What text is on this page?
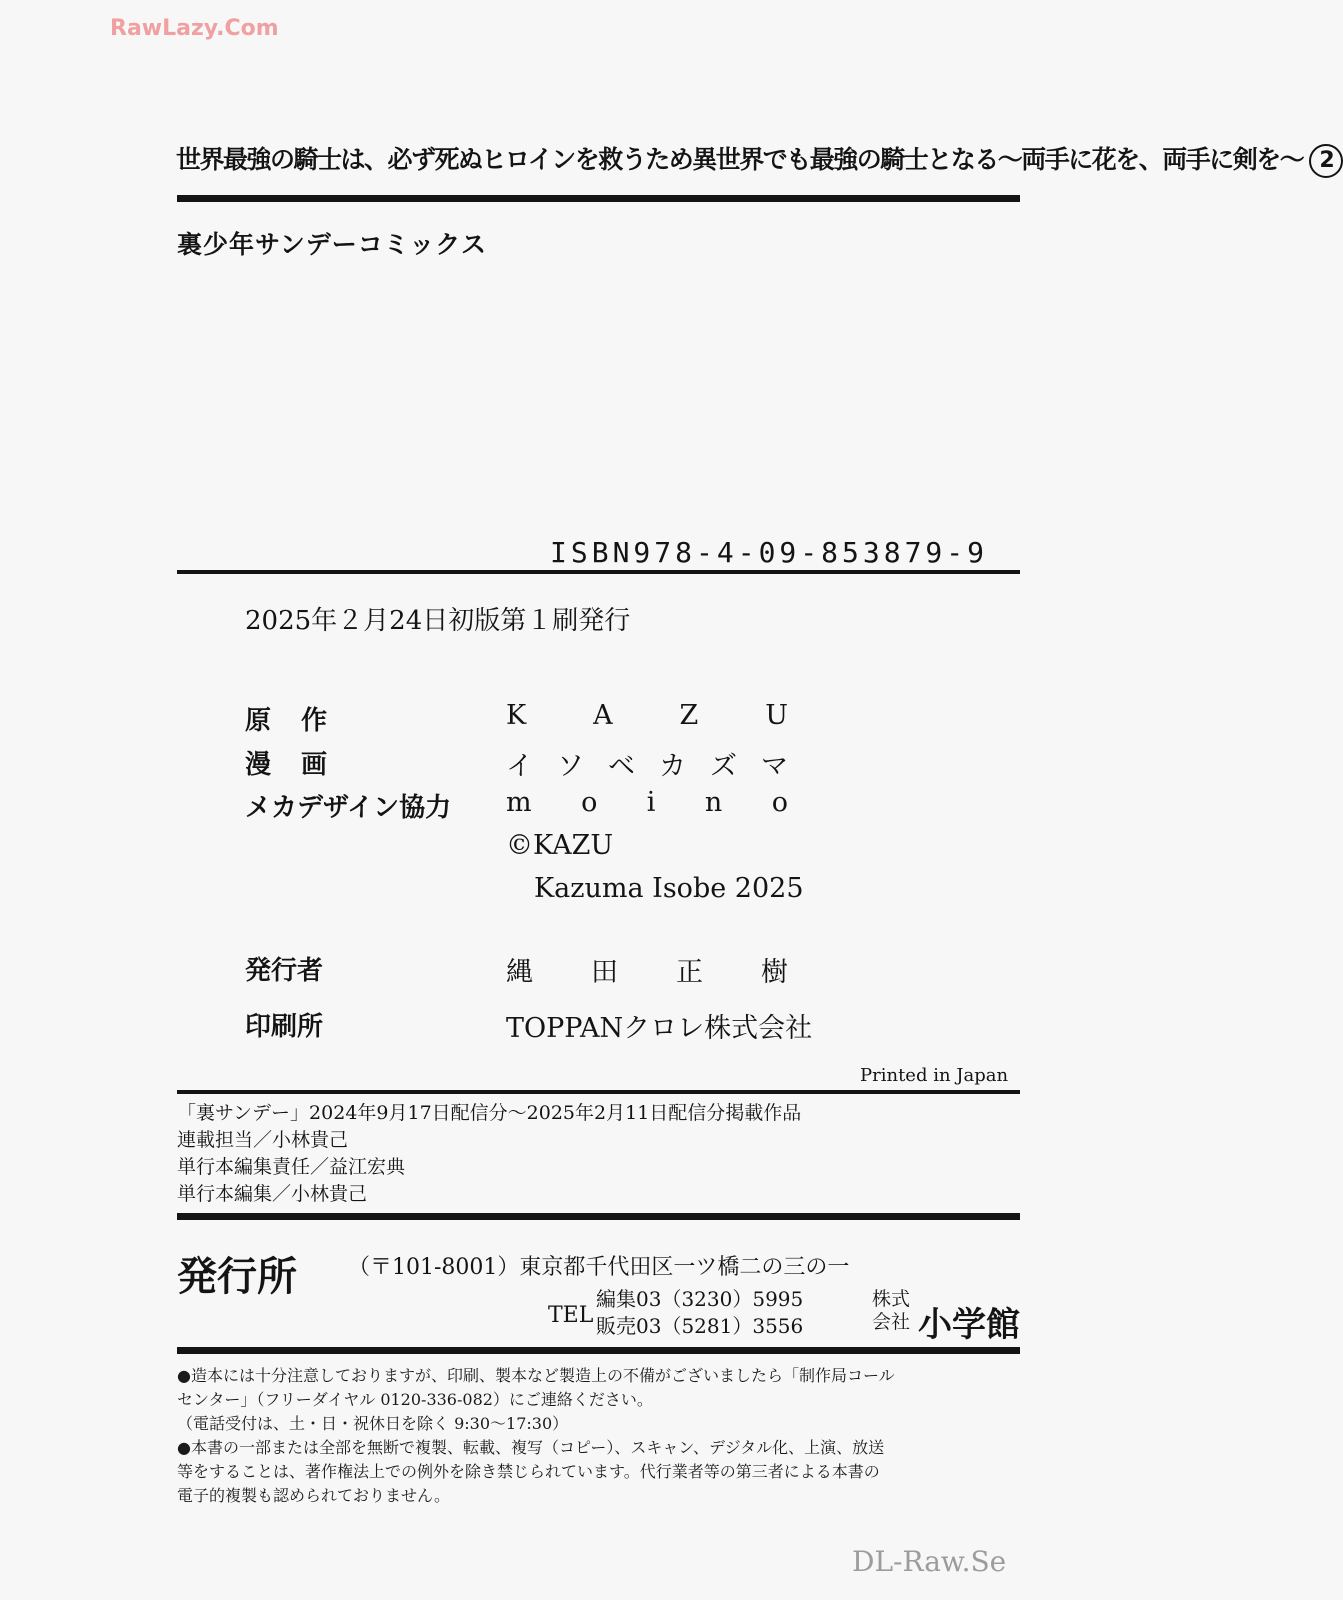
RawLazy.Com
世界最強の騎士は、必ず死ぬヒロインを救うため異世界でも最強の騎士となる〜両手に花を、両手に剣を〜 2
裏少年サンデーコミックス
ISBN978-4-09-853879-9
2025年２月24日初版第１刷発行
原作	K A Z U
漫画	イ ソ ベ カ ズ マ
メカデザイン協力 m o i n o
©KAZU
Kazuma Isobe 2025
発行者	縄 田 正 樹
印刷所	TOPPANクロレ株式会社
Printed in Japan
「裏サンデー」2024年9月17日配信分〜2025年2月11日配信分掲載作品
連載担当／小林貴己
単行本編集責任／益江宏典
単行本編集／小林貴己
発行所 （〒101-8001）東京都千代田区一ツ橋二の三の一
TEL
編集03（3230）5995
販売03（5281）3556
株式会社 小学館
●造本には十分注意しておりますが、印刷、製本など製造上の不備がございましたら「制作局コール
センター」（フリーダイヤル 0120-336-082）にご連絡ください。
（電話受付は、土・日・祝休日を除く 9:30〜17:30）
●本書の一部または全部を無断で複製、転載、複写（コピー）、スキャン、デジタル化、上演、放送
等をすることは、著作権法上での例外を除き禁じられています。代行業者等の第三者による本書の
電子的複製も認められておりません。
DL-Raw.Se
